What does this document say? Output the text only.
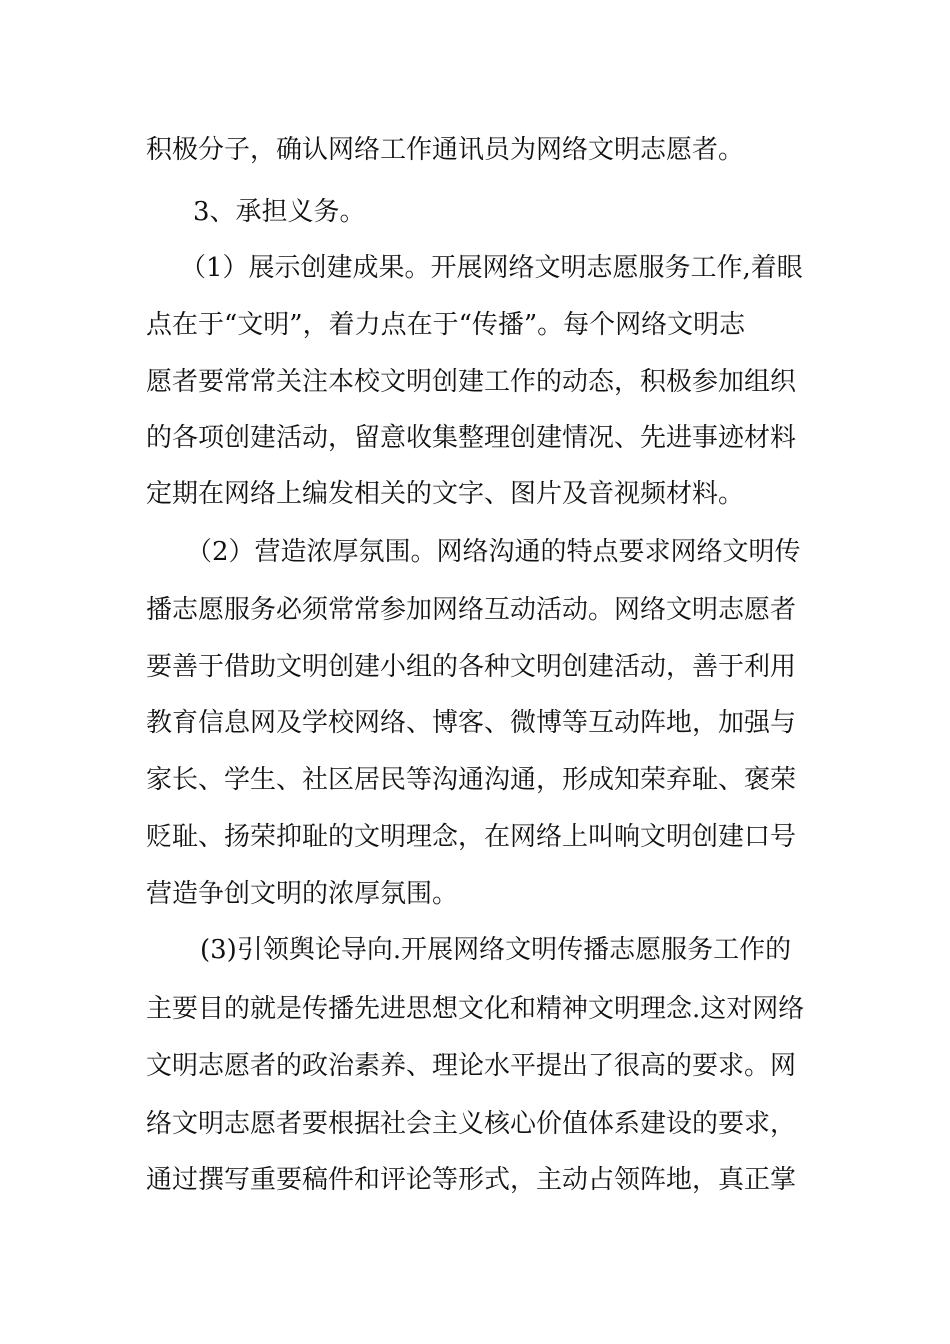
积极分子，确认网络工作通讯员为网络文明志愿者。
3、承担义务。
（1）展示创建成果。开展网络文明志愿服务工作,着眼
点在于“文明”，着力点在于“传播”。每个网络文明志
愿者要常常关注本校文明创建工作的动态，积极参加组织
的各项创建活动，留意收集整理创建情况、先进事迹材料
定期在网络上编发相关的文字、图片及音视频材料。
（2）营造浓厚氛围。网络沟通的特点要求网络文明传
播志愿服务必须常常参加网络互动活动。网络文明志愿者
要善于借助文明创建小组的各种文明创建活动，善于利用
教育信息网及学校网络、博客、微博等互动阵地，加强与
家长、学生、社区居民等沟通沟通，形成知荣弃耻、褒荣
贬耻、扬荣抑耻的文明理念，在网络上叫响文明创建口号
营造争创文明的浓厚氛围。
(3)引领舆论导向.开展网络文明传播志愿服务工作的
主要目的就是传播先进思想文化和精神文明理念.这对网络
文明志愿者的政治素养、理论水平提出了很高的要求。网
络文明志愿者要根据社会主义核心价值体系建设的要求，
通过撰写重要稿件和评论等形式，主动占领阵地，真正掌
